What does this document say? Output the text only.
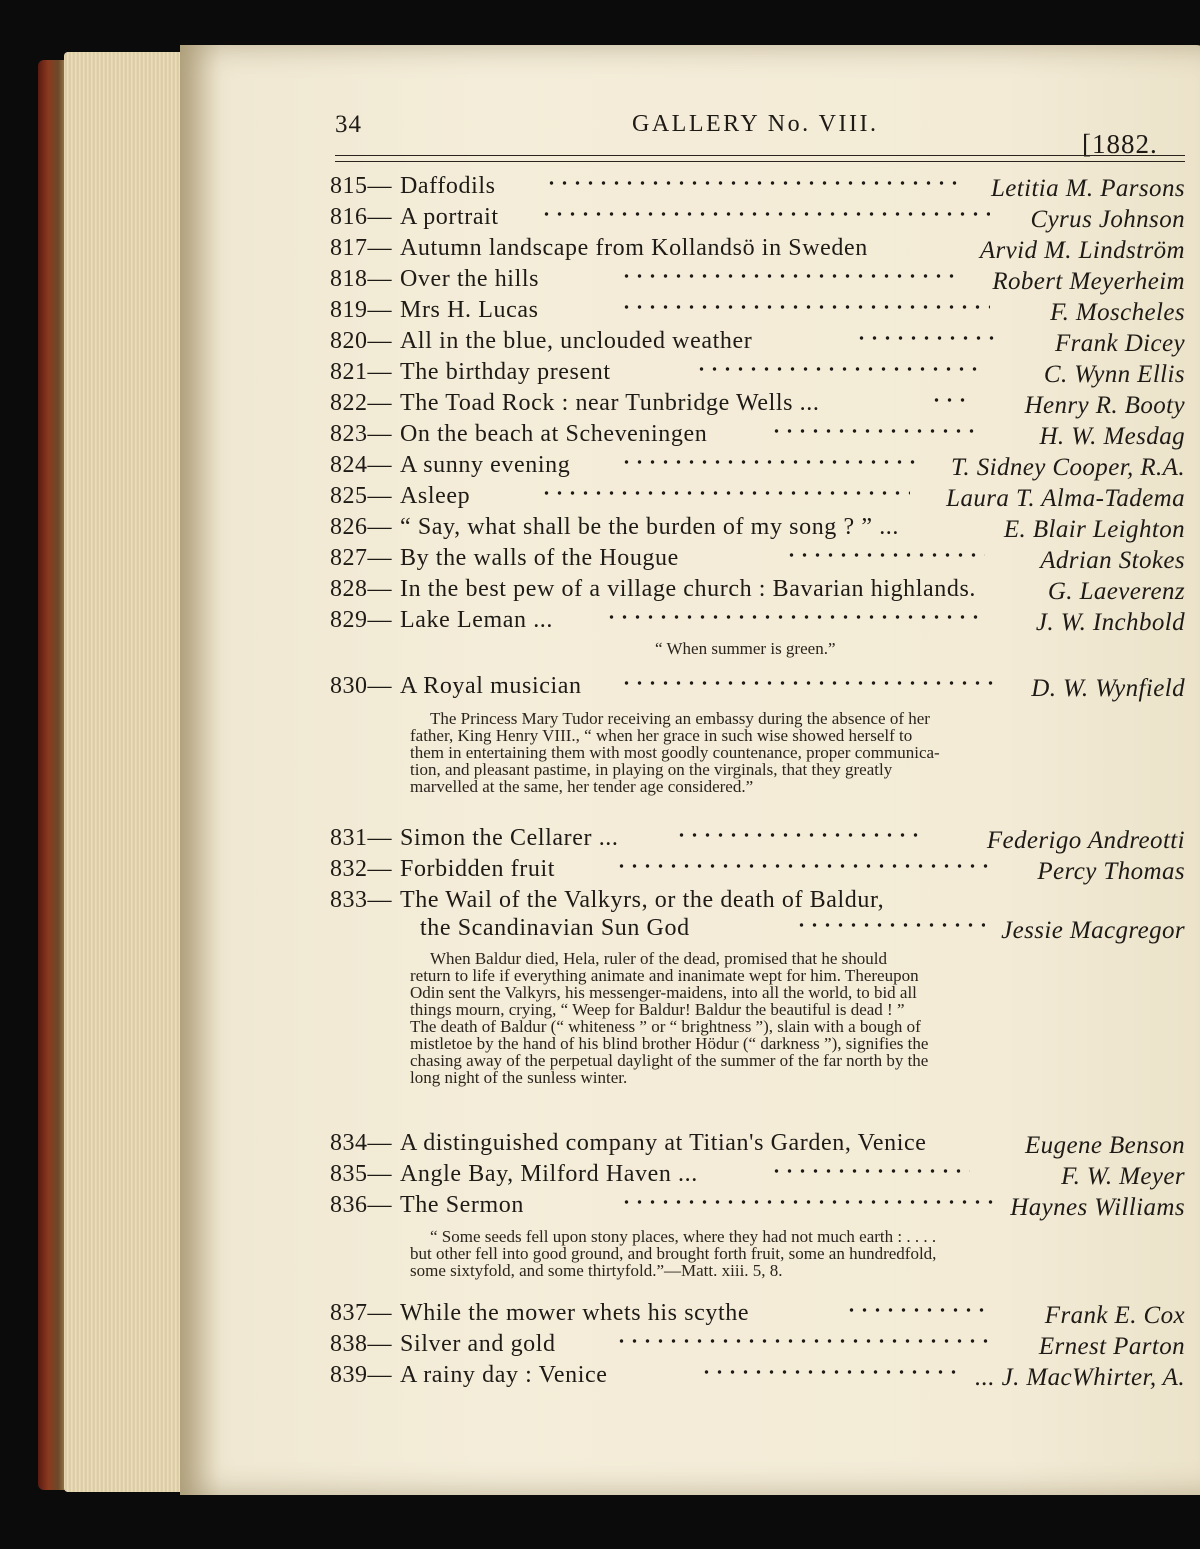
34	GALLERY No. VIII.
[1882.
815— Daffodils	Letitia M. Parsons
816— A portrait	Cyrus Johnson
817— Autumn landscape from Kollandsö in Sweden	Arvid M. Lindström
818— Over the hills	Robert Meyerheim
819— Mrs H. Lucas	F. Moscheles
820— All in the blue, unclouded weather	Frank Dicey
821— The birthday present	C. Wynn Ellis
822— The Toad Rock : near Tunbridge Wells ...	Henry R. Booty
823— On the beach at Scheveningen	H. W. Mesdag
824— A sunny evening	T. Sidney Cooper, R.A.
825— Asleep	Laura T. Alma-Tadema
826— “ Say, what shall be the burden of my song ? ” ...	E. Blair Leighton
827— By the walls of the Hougue	Adrian Stokes
828— In the best pew of a village church : Bavarian highlands.	G. Laeverenz
829— Lake Leman ...	J. W. Inchbold
“ When summer is green.”
830— A Royal musician	D. W. Wynfield
The Princess Mary Tudor receiving an embassy during the absence of her
father, King Henry VIII., “ when her grace in such wise showed herself to
them in entertaining them with most goodly countenance, proper communica-
tion, and pleasant pastime, in playing on the virginals, that they greatly
marvelled at the same, her tender age considered.”
831— Simon the Cellarer ...	Federigo Andreotti
832— Forbidden fruit	Percy Thomas
833— The Wail of the Valkyrs, or the death of Baldur,
the Scandinavian Sun God	Jessie Macgregor
When Baldur died, Hela, ruler of the dead, promised that he should
return to life if everything animate and inanimate wept for him. Thereupon
Odin sent the Valkyrs, his messenger-maidens, into all the world, to bid all
things mourn, crying, “ Weep for Baldur! Baldur the beautiful is dead ! ”
The death of Baldur (“ whiteness ” or “ brightness ”), slain with a bough of
mistletoe by the hand of his blind brother Hödur (“ darkness ”), signifies the
chasing away of the perpetual daylight of the summer of the far north by the
long night of the sunless winter.
834— A distinguished company at Titian's Garden, Venice	Eugene Benson
835— Angle Bay, Milford Haven ...	F. W. Meyer
836— The Sermon	Haynes Williams
“ Some seeds fell upon stony places, where they had not much earth : . . . .
but other fell into good ground, and brought forth fruit, some an hundredfold,
some sixtyfold, and some thirtyfold.”—Matt. xiii. 5, 8.
837— While the mower whets his scythe	Frank E. Cox
838— Silver and gold	Ernest Parton
839— A rainy day : Venice	... J. MacWhirter, A.
